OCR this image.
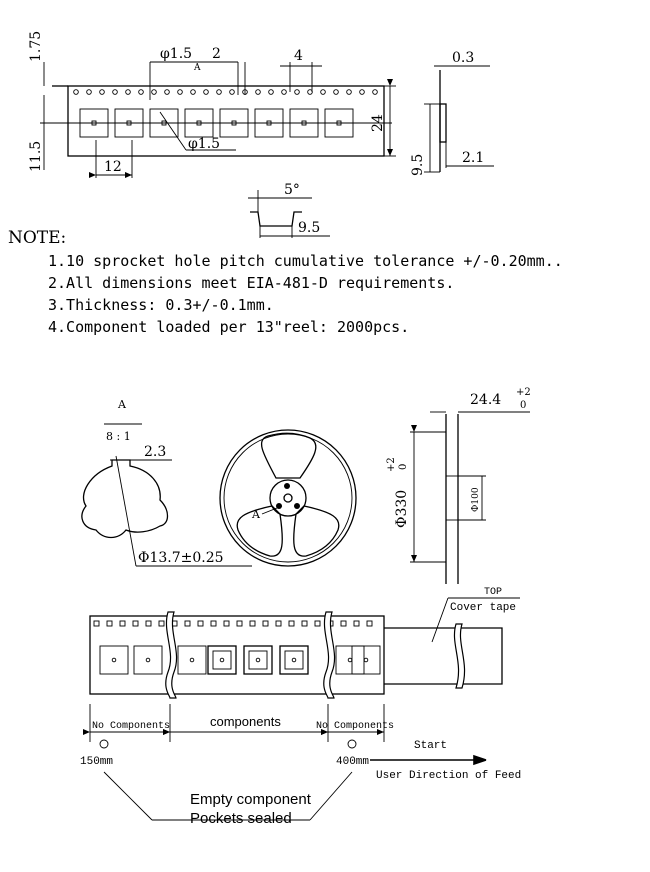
1.75
11.5
φ1.5
A
2	4
24
φ1.5
12
0.3
9.5	2.1
5°
9.5
A
8 : 1
2.3
Φ13.7±0.25
A
24.4 +2
0
Φ330
+2 0
Φ100
TOP
Cover tape
No Components	components	No Components
150mm	400mm
Start
User Direction of Feed
Empty component
Pockets sealed
NOTE:
1.10 sprocket hole pitch cumulative tolerance +/-0.20mm..
2.All dimensions meet EIA-481-D requirements.
3.Thickness: 0.3+/-0.1mm.
4.Component loaded per 13"reel: 2000pcs.
